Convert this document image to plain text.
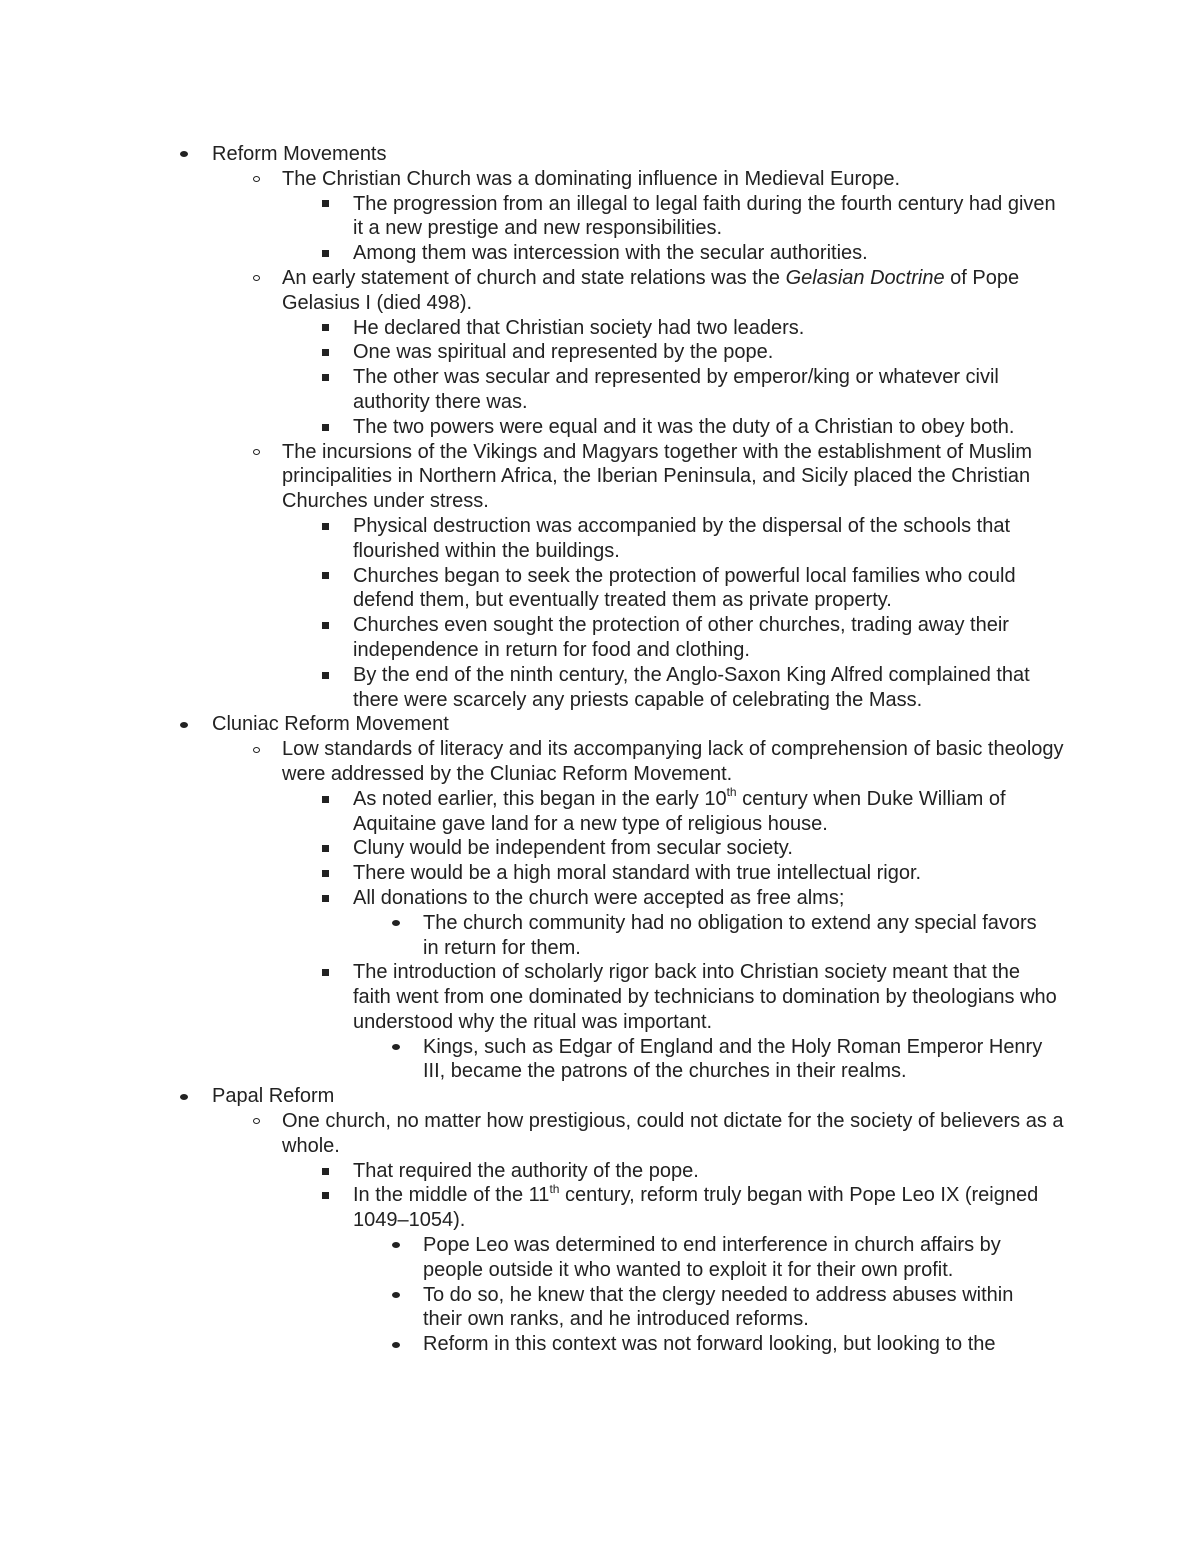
Reform Movements
The Christian Church was a dominating influence in Medieval Europe.
The progression from an illegal to legal faith during the fourth century had given it a new prestige and new responsibilities.
Among them was intercession with the secular authorities.
An early statement of church and state relations was the Gelasian Doctrine of Pope Gelasius I (died 498).
He declared that Christian society had two leaders.
One was spiritual and represented by the pope.
The other was secular and represented by emperor/king or whatever civil authority there was.
The two powers were equal and it was the duty of a Christian to obey both.
The incursions of the Vikings and Magyars together with the establishment of Muslim principalities in Northern Africa, the Iberian Peninsula, and Sicily placed the Christian Churches under stress.
Physical destruction was accompanied by the dispersal of the schools that flourished within the buildings.
Churches began to seek the protection of powerful local families who could defend them, but eventually treated them as private property.
Churches even sought the protection of other churches, trading away their independence in return for food and clothing.
By the end of the ninth century, the Anglo-Saxon King Alfred complained that there were scarcely any priests capable of celebrating the Mass.
Cluniac Reform Movement
Low standards of literacy and its accompanying lack of comprehension of basic theology were addressed by the Cluniac Reform Movement.
As noted earlier, this began in the early 10th century when Duke William of Aquitaine gave land for a new type of religious house.
Cluny would be independent from secular society.
There would be a high moral standard with true intellectual rigor.
All donations to the church were accepted as free alms;
The church community had no obligation to extend any special favors in return for them.
The introduction of scholarly rigor back into Christian society meant that the faith went from one dominated by technicians to domination by theologians who understood why the ritual was important.
Kings, such as Edgar of England and the Holy Roman Emperor Henry III, became the patrons of the churches in their realms.
Papal Reform
One church, no matter how prestigious, could not dictate for the society of believers as a whole.
That required the authority of the pope.
In the middle of the 11th century, reform truly began with Pope Leo IX (reigned 1049–1054).
Pope Leo was determined to end interference in church affairs by people outside it who wanted to exploit it for their own profit.
To do so, he knew that the clergy needed to address abuses within their own ranks, and he introduced reforms.
Reform in this context was not forward looking, but looking to the
